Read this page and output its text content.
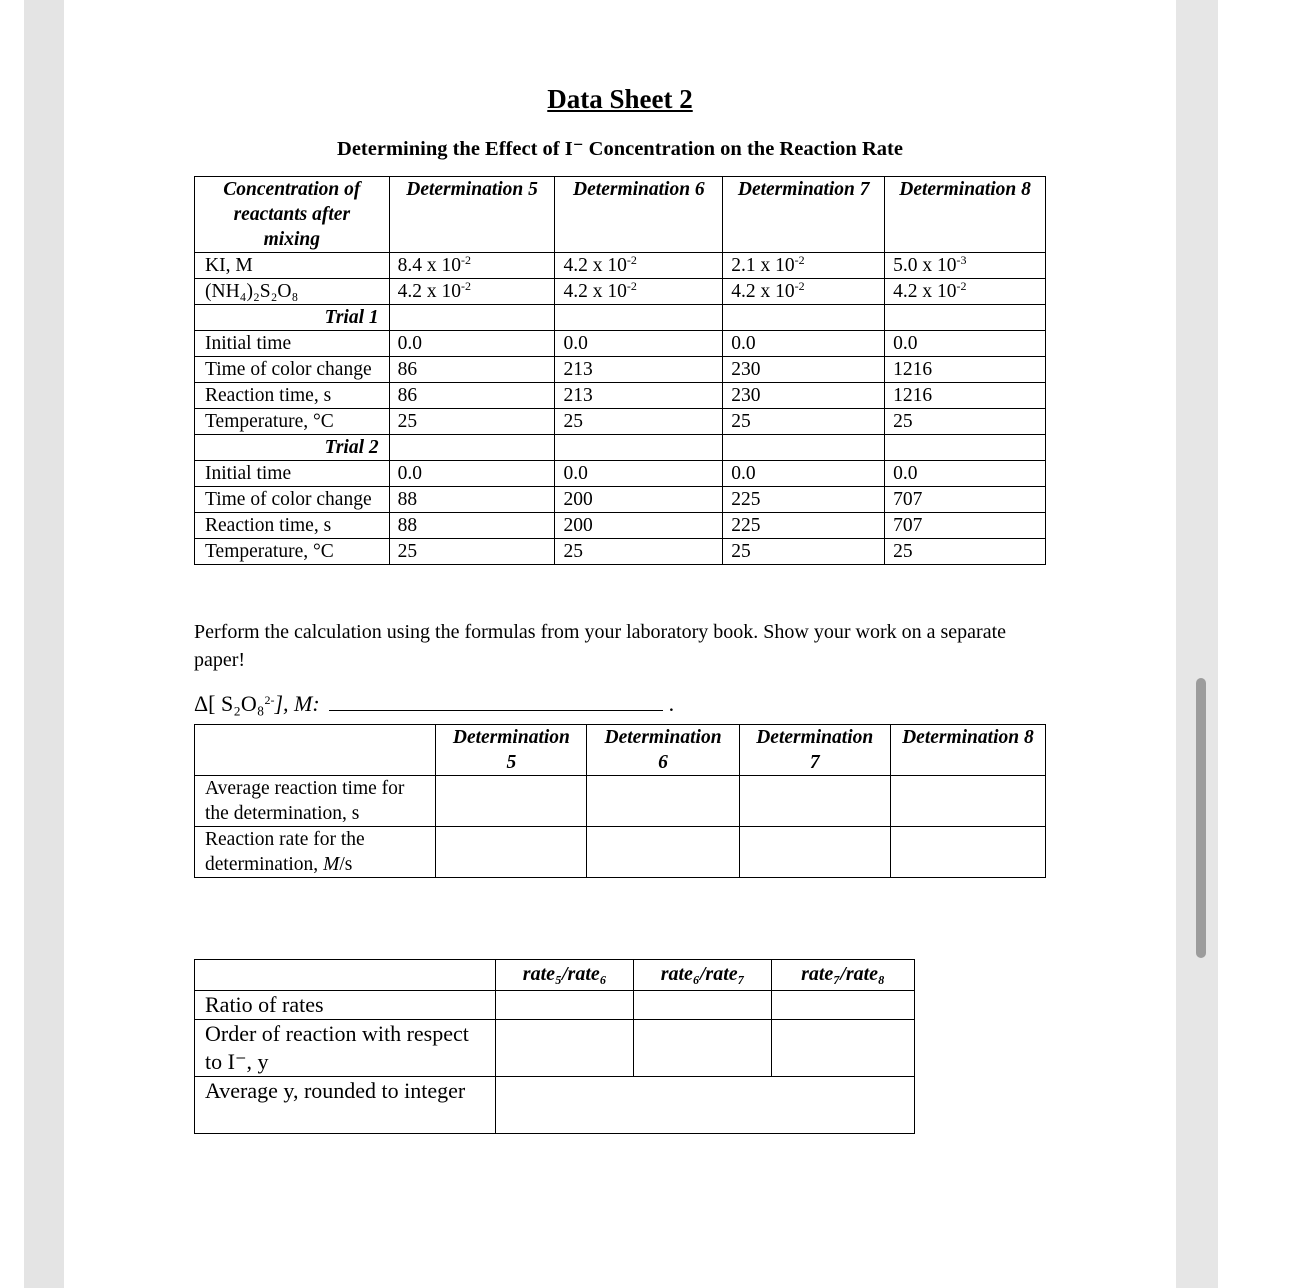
Data Sheet 2
Determining the Effect of I⁻ Concentration on the Reaction Rate
Concentration of reactants after mixing	Determination 5	Determination 6	Determination 7	Determination 8
KI, M	8.4 x $10^{-2}$	4.2 x $10^{-2}$	2.1 x $10^{-2}$	5.0 x $10^{-3}$
(NH₄)₂S₂O₈	4.2 x $10^{-2}$	4.2 x $10^{-2}$	4.2 x $10^{-2}$	4.2 x $10^{-2}$
Trial 1				
Initial time	0.0	0.0	0.0	0.0
Time of color change	86	213	230	1216
Reaction time, s	86	213	230	1216
Temperature, °C	25	25	25	25
Trial 2				
Initial time	0.0	0.0	0.0	0.0
Time of color change	88	200	225	707
Reaction time, s	88	200	225	707
Temperature, °C	25	25	25	25
Perform the calculation using the formulas from your laboratory book. Show your work on a separate paper!
Δ[ S₂O₈$^{2-}$], M:	.
	Determination 5	Determination 6	Determination 7	Determination 8
Average reaction time for the determination, s				
Reaction rate for the determination, M/s				
	rate₅/rate₆	rate₆/rate₇	rate₇/rate₈
Ratio of rates			
Order of reaction with respect to I⁻, y			
Average y, rounded to integer			
